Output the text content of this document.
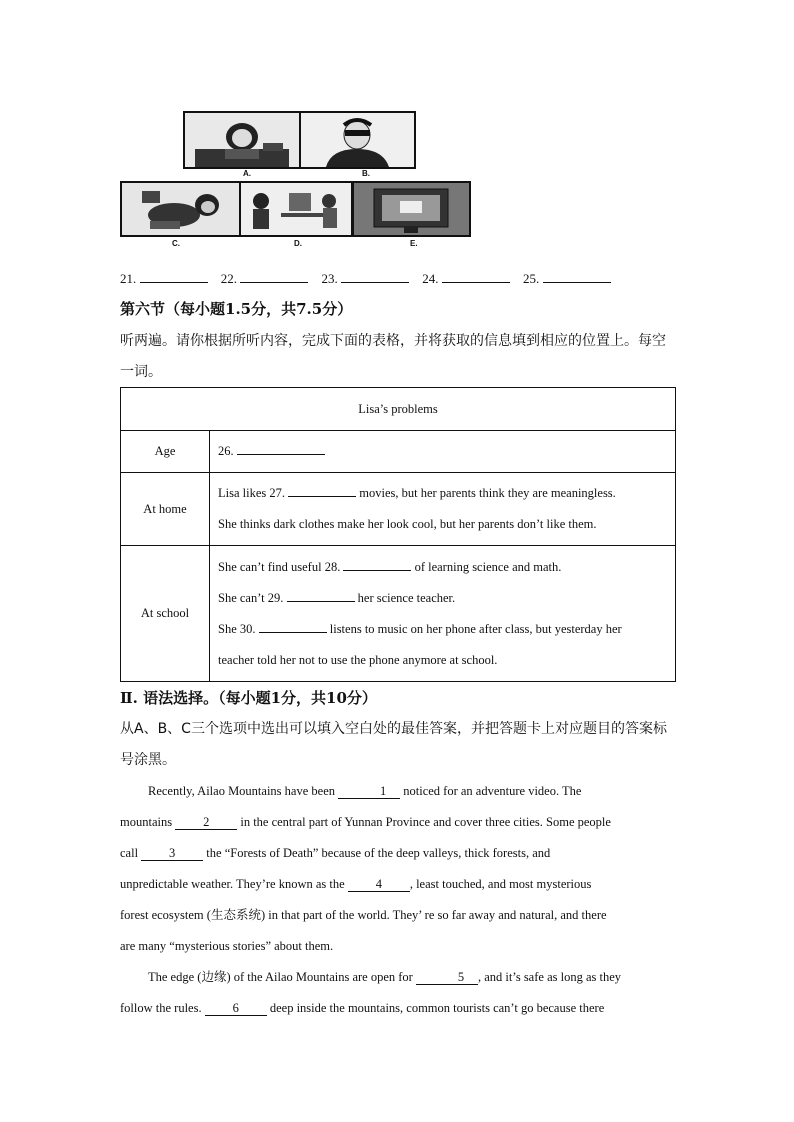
A.	B.
C.	D.	E.
21.	22.	23.	24.	25.
第六节（每小题1.5分，共7.5分）
听两遍。请你根据所听内容，完成下面的表格，并将获取的信息填到相应的位置上。每空
一词。
Lisa’s problems	
Age	26.

At home	Lisa likes 27. movies, but her parents think they are meaningless.
She thinks dark clothes make her look cool, but her parents don’t like them.

At school	She can’t find useful 28. of learning science and math.
She can’t 29. her science teacher.
She 30. listens to music on her phone after class, but yesterday her
teacher told her not to use the phone anymore at school.
Ⅱ. 语法选择。（每小题1分，共10分）
从A、B、C三个选项中选出可以填入空白处的最佳答案，并把答题卡上对应题目的答案标
号涂黑。

Recently, Ailao Mountains have been	1 noticed for an adventure video. The

mountains 2 in the central part of Yunnan Province and cover three cities. Some people

call 3 the “Forests of Death” because of the deep valleys, thick forests, and

unpredictable weather. They’re known as the 4 , least touched, and most mysterious

forest ecosystem (生态系统) in that part of the world. They’ re so far away and natural, and there

are many “mysterious stories” about them.

The edge (边缘) of the Ailao Mountains are open for	5 , and it’s safe as long as they

follow the rules. 6 deep inside the mountains, common tourists can’t go because there
